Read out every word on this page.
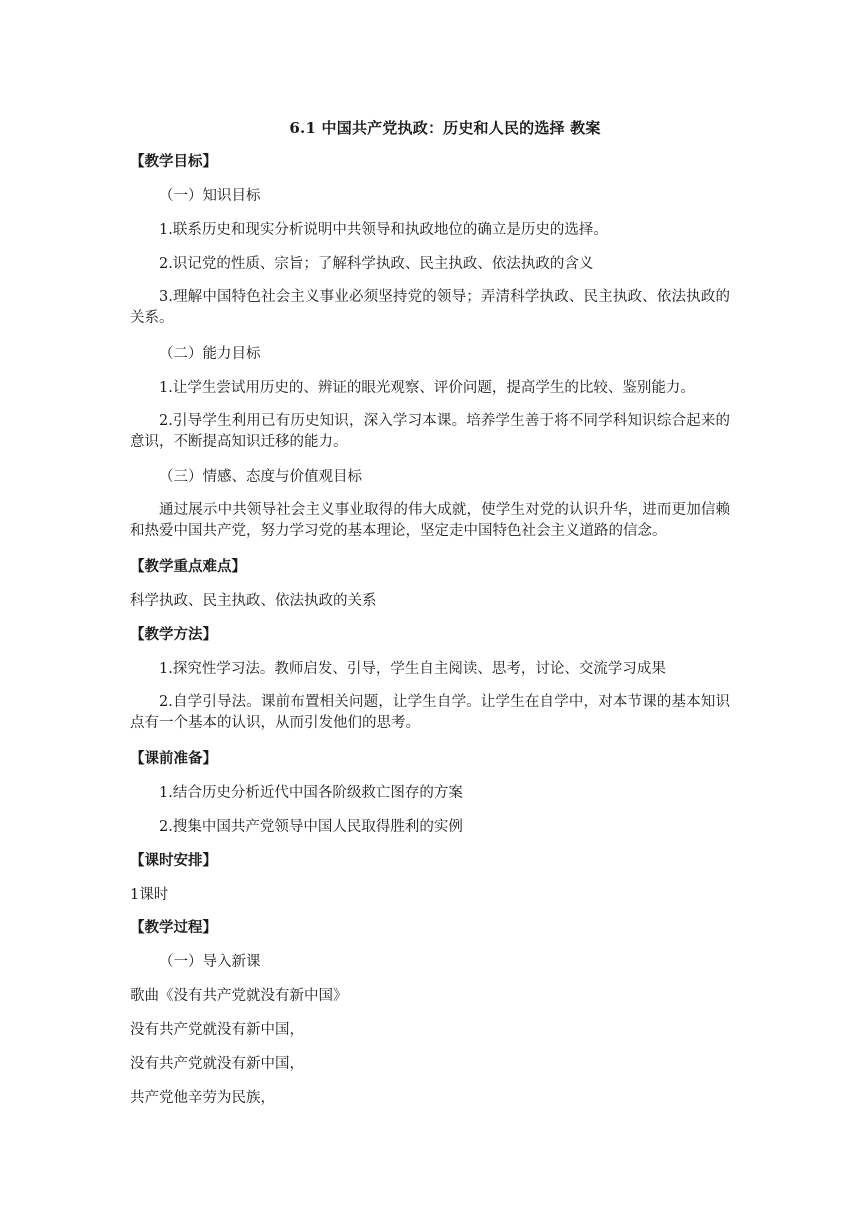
6.1 中国共产党执政：历史和人民的选择 教案
【教学目标】
（一）知识目标
1.联系历史和现实分析说明中共领导和执政地位的确立是历史的选择。
2.识记党的性质、宗旨；了解科学执政、民主执政、依法执政的含义
3.理解中国特色社会主义事业必须坚持党的领导；弄清科学执政、民主执政、依法执政的关系。
（二）能力目标
1.让学生尝试用历史的、辨证的眼光观察、评价问题，提高学生的比较、鉴别能力。
2.引导学生利用已有历史知识，深入学习本课。培养学生善于将不同学科知识综合起来的意识，不断提高知识迁移的能力。
（三）情感、态度与价值观目标
通过展示中共领导社会主义事业取得的伟大成就，使学生对党的认识升华，进而更加信赖和热爱中国共产党，努力学习党的基本理论，坚定走中国特色社会主义道路的信念。
【教学重点难点】
科学执政、民主执政、依法执政的关系
【教学方法】
1.探究性学习法。教师启发、引导，学生自主阅读、思考，讨论、交流学习成果
2.自学引导法。课前布置相关问题，让学生自学。让学生在自学中，对本节课的基本知识点有一个基本的认识，从而引发他们的思考。
【课前准备】
1.结合历史分析近代中国各阶级救亡图存的方案
2.搜集中国共产党领导中国人民取得胜利的实例
【课时安排】
1课时
【教学过程】
（一）导入新课
歌曲《没有共产党就没有新中国》
没有共产党就没有新中国，
没有共产党就没有新中国，
共产党他辛劳为民族，
